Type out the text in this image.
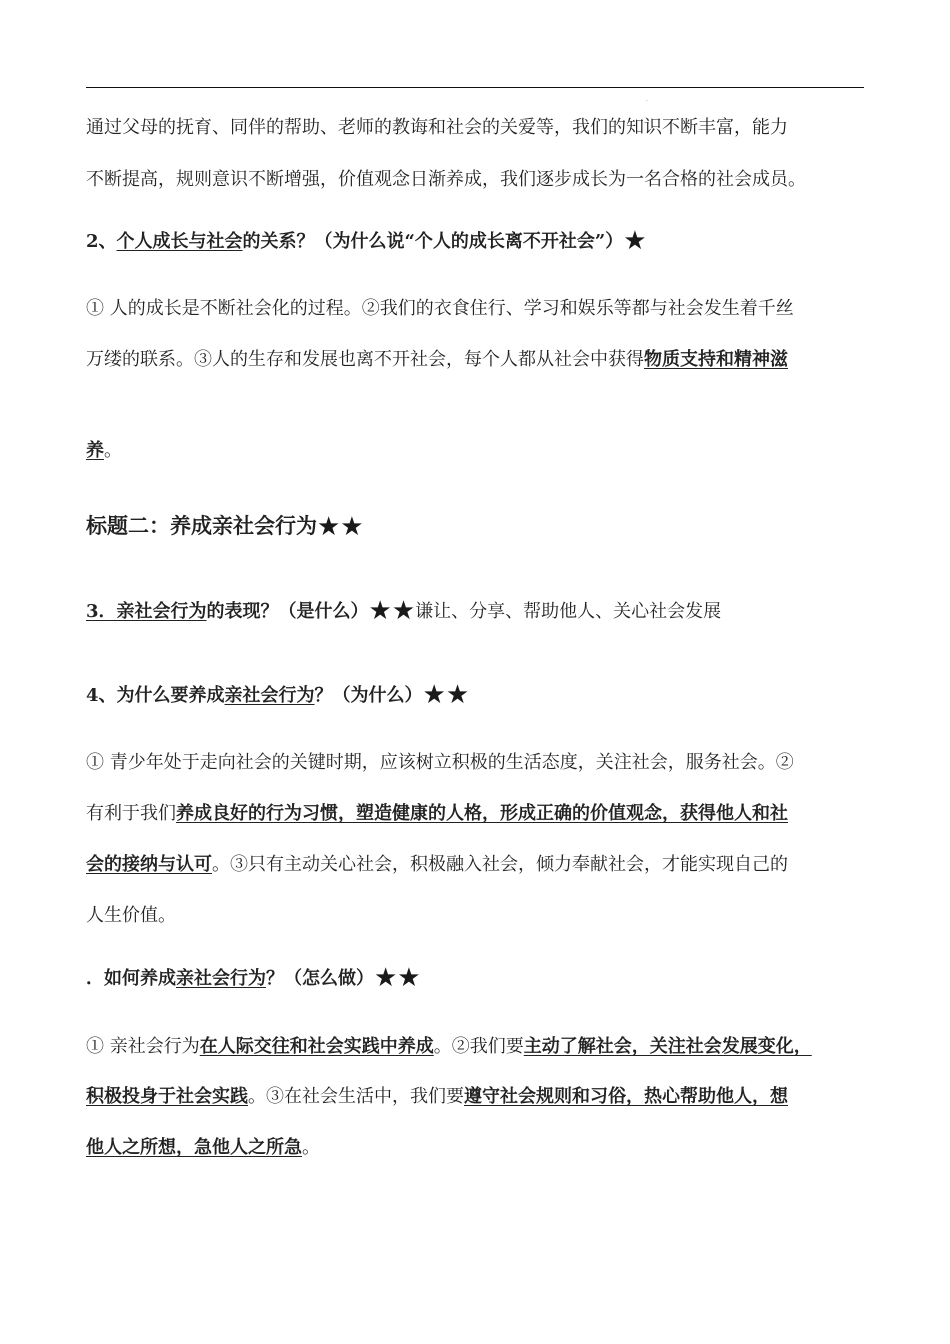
.
通过父母的抚育、同伴的帮助、老师的教诲和社会的关爱等，我们的知识不断丰富，能力
不断提高，规则意识不断增强，价值观念日渐养成，我们逐步成长为一名合格的社会成员。
2、个人成长与社会的关系？（为什么说“个人的成长离不开社会”）★
① 人的成长是不断社会化的过程。②我们的衣食住行、学习和娱乐等都与社会发生着千丝
万缕的联系。③人的生存和发展也离不开社会，每个人都从社会中获得物质支持和精神滋
养。
标题二：养成亲社会行为★★
3．亲社会行为的表现？（是什么）★★谦让、分享、帮助他人、关心社会发展
4、为什么要养成亲社会行为？（为什么）★★
① 青少年处于走向社会的关键时期，应该树立积极的生活态度，关注社会，服务社会。②
有利于我们养成良好的行为习惯，塑造健康的人格，形成正确的价值观念，获得他人和社
会的接纳与认可。③只有主动关心社会，积极融入社会，倾力奉献社会，才能实现自己的
人生价值。
．如何养成亲社会行为？（怎么做）★★
① 亲社会行为在人际交往和社会实践中养成。②我们要主动了解社会，关注社会发展变化，
积极投身于社会实践。③在社会生活中，我们要遵守社会规则和习俗，热心帮助他人，想
他人之所想，急他人之所急。
